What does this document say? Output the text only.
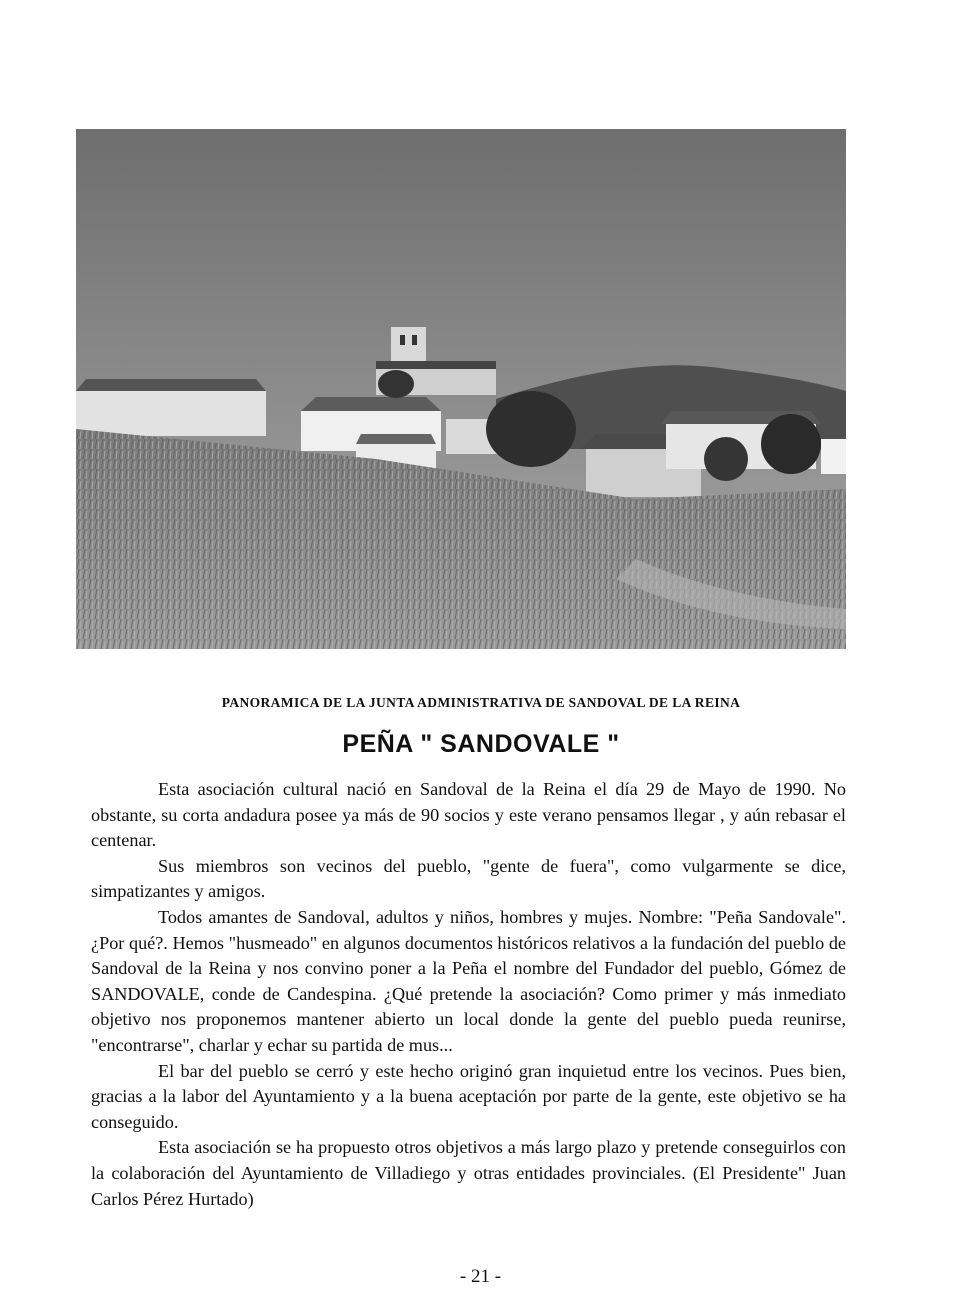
PANORAMICA DE LA JUNTA ADMINISTRATIVA DE SANDOVAL DE LA REINA
PEÑA " SANDOVALE "

Esta asociación cultural nació en Sandoval de la Reina el día 29 de Mayo de 1990. No obstante, su corta andadura posee ya más de 90 socios y este verano pensamos llegar , y aún rebasar el centenar.

Sus miembros son vecinos del pueblo, "gente de fuera", como vulgarmente se dice, simpatizantes y amigos.

Todos amantes de Sandoval, adultos y niños, hombres y mujes. Nombre: "Peña Sandovale". ¿Por qué?. Hemos "husmeado" en algunos documentos históricos relativos a la fundación del pueblo de Sandoval de la Reina y nos convino poner a la Peña el nombre del Fundador del pueblo, Gómez de SANDOVALE, conde de Candespina. ¿Qué pretende la asociación? Como primer y más inmediato objetivo nos proponemos mantener abierto un local donde la gente del pueblo pueda reunirse, "encontrarse", charlar y echar su partida de mus...

El bar del pueblo se cerró y este hecho originó gran inquietud entre los vecinos. Pues bien, gracias a la labor del Ayuntamiento y a la buena aceptación por parte de la gente, este objetivo se ha conseguido.

Esta asociación se ha propuesto otros objetivos a más largo plazo y pretende conseguirlos con la colaboración del Ayuntamiento de Villadiego y otras entidades provinciales. (El Presidente" Juan Carlos Pérez Hurtado)

- 21 -
